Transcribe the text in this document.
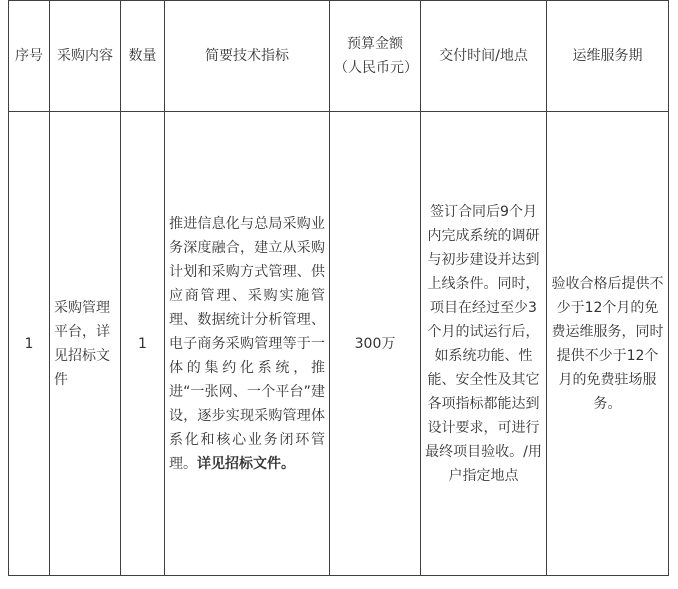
序号	采购内容	数量	简要技术指标	预算金额（人民币元）	交付时间/地点	运维服务期
1	采购管理平台，详见招标文件	1	推进信息化与总局采购业务深度融合，建立从采购计划和采购方式管理、供应商管理、采购实施管理、数据统计分析管理、电子商务采购管理等于一体的集约化系统，推进“一张网、一个平台”建设，逐步实现采购管理体系化和核心业务闭环管理。详见招标文件。	300万	签订合同后9个月内完成系统的调研与初步建设并达到上线条件。同时，项目在经过至少3个月的试运行后，如系统功能、性能、安全性及其它各项指标都能达到设计要求，可进行最终项目验收。/用户指定地点	验收合格后提供不少于12个月的免费运维服务，同时提供不少于12个月的免费驻场服务。
